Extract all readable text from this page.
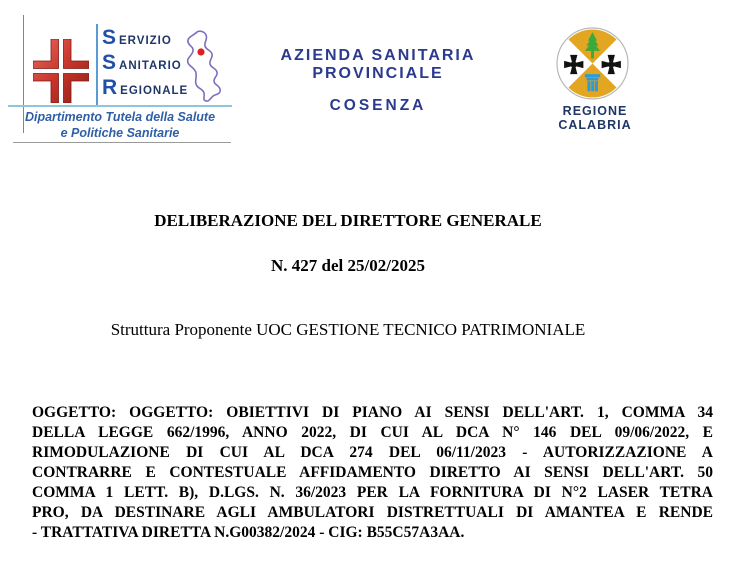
S ERVIZIO
S ANITARIO
R EGIONALE
Dipartimento Tutela della Salute
e Politiche Sanitarie
AZIENDA SANITARIA PROVINCIALE
COSENZA	REGIONE CALABRIA
DELIBERAZIONE DEL DIRETTORE GENERALE
N. 427 del 25/02/2025
Struttura Proponente UOC GESTIONE TECNICO PATRIMONIALE
OGGETTO: OGGETTO: OBIETTIVI DI PIANO AI SENSI DELL'ART. 1, COMMA 34
DELLA LEGGE 662/1996, ANNO 2022, DI CUI AL DCA N° 146 DEL 09/06/2022, E
RIMODULAZIONE DI CUI AL DCA 274 DEL 06/11/2023 - AUTORIZZAZIONE A
CONTRARRE E CONTESTUALE AFFIDAMENTO DIRETTO AI SENSI DELL'ART. 50
COMMA 1 LETT. B), D.LGS. N. 36/2023 PER LA FORNITURA DI N°2 LASER TETRA
PRO, DA DESTINARE AGLI AMBULATORI DISTRETTUALI DI AMANTEA E RENDE
- TRATTATIVA DIRETTA N.G00382/2024 - CIG: B55C57A3AA.
